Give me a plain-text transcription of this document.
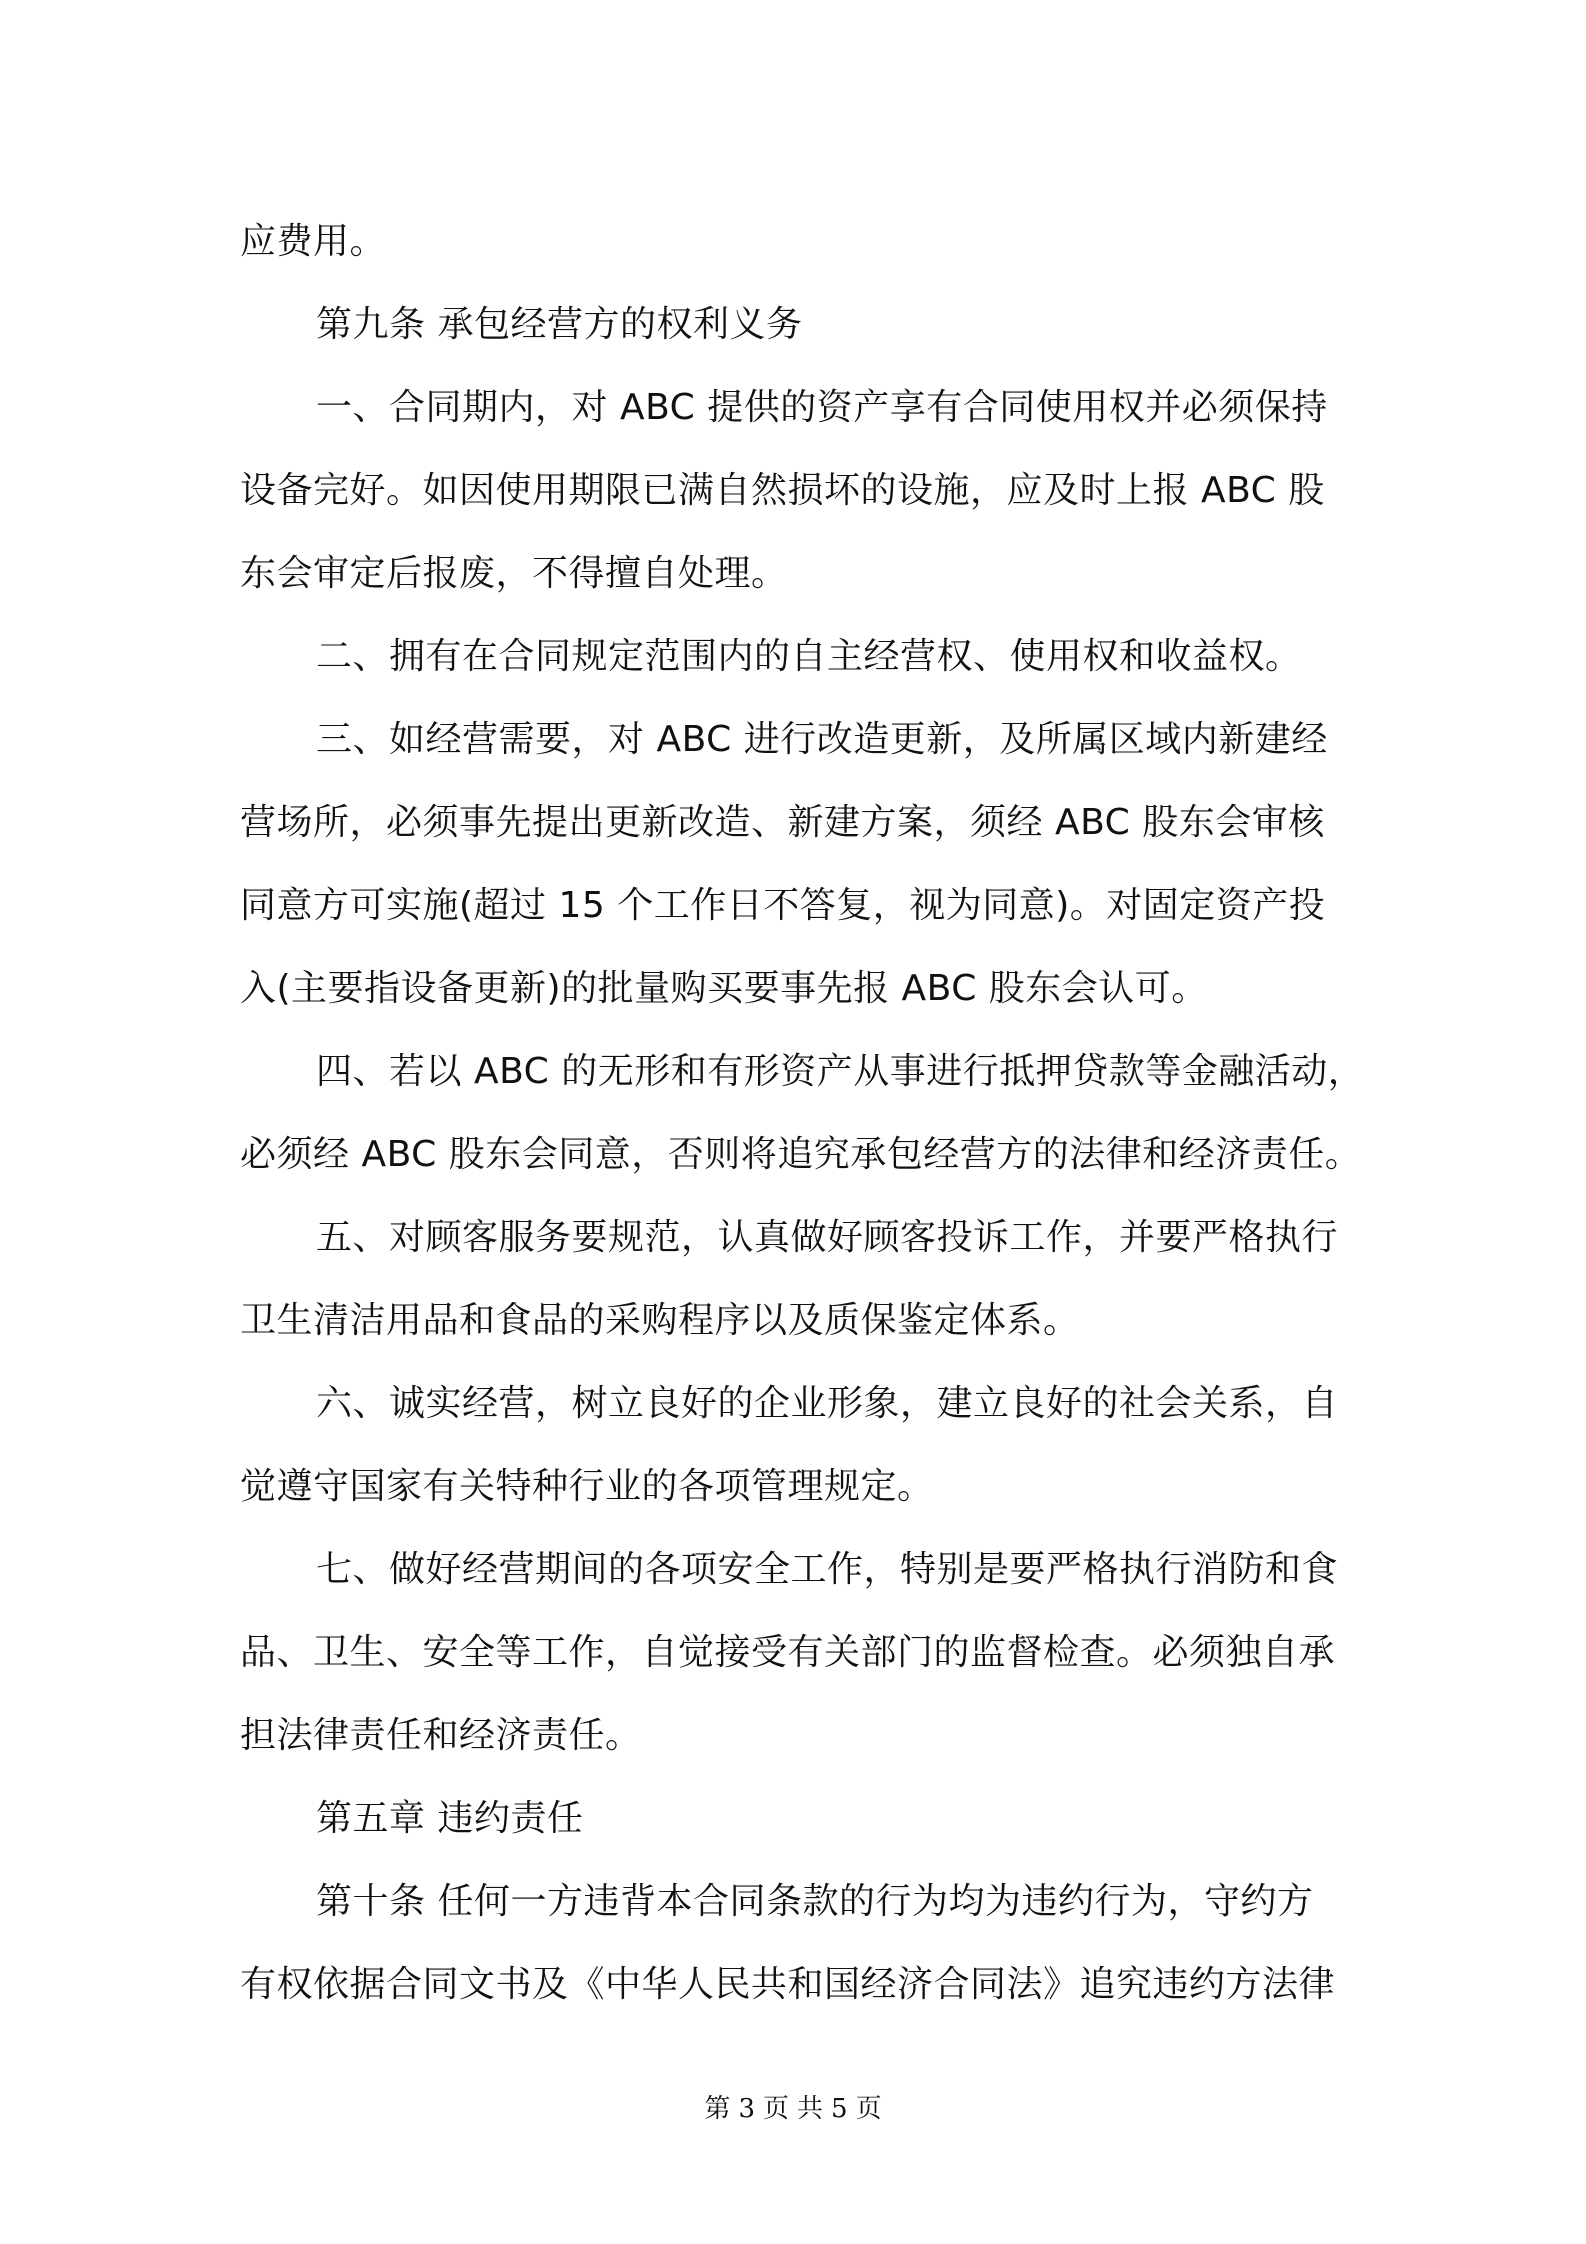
应费用。
第九条 承包经营方的权利义务
一、合同期内，对 ABC 提供的资产享有合同使用权并必须保持
设备完好。如因使用期限已满自然损坏的设施，应及时上报 ABC 股
东会审定后报废，不得擅自处理。
二、拥有在合同规定范围内的自主经营权、使用权和收益权。
三、如经营需要，对 ABC 进行改造更新，及所属区域内新建经
营场所，必须事先提出更新改造、新建方案，须经 ABC 股东会审核
同意方可实施(超过 15 个工作日不答复，视为同意)。对固定资产投
入(主要指设备更新)的批量购买要事先报 ABC 股东会认可。
四、若以 ABC 的无形和有形资产从事进行抵押贷款等金融活动，
必须经 ABC 股东会同意，否则将追究承包经营方的法律和经济责任。
五、对顾客服务要规范，认真做好顾客投诉工作，并要严格执行
卫生清洁用品和食品的采购程序以及质保鉴定体系。
六、诚实经营，树立良好的企业形象，建立良好的社会关系，自
觉遵守国家有关特种行业的各项管理规定。
七、做好经营期间的各项安全工作，特别是要严格执行消防和食
品、卫生、安全等工作，自觉接受有关部门的监督检查。必须独自承
担法律责任和经济责任。
第五章 违约责任
第十条 任何一方违背本合同条款的行为均为违约行为，守约方
有权依据合同文书及《中华人民共和国经济合同法》追究违约方法律
第 3 页 共 5 页
